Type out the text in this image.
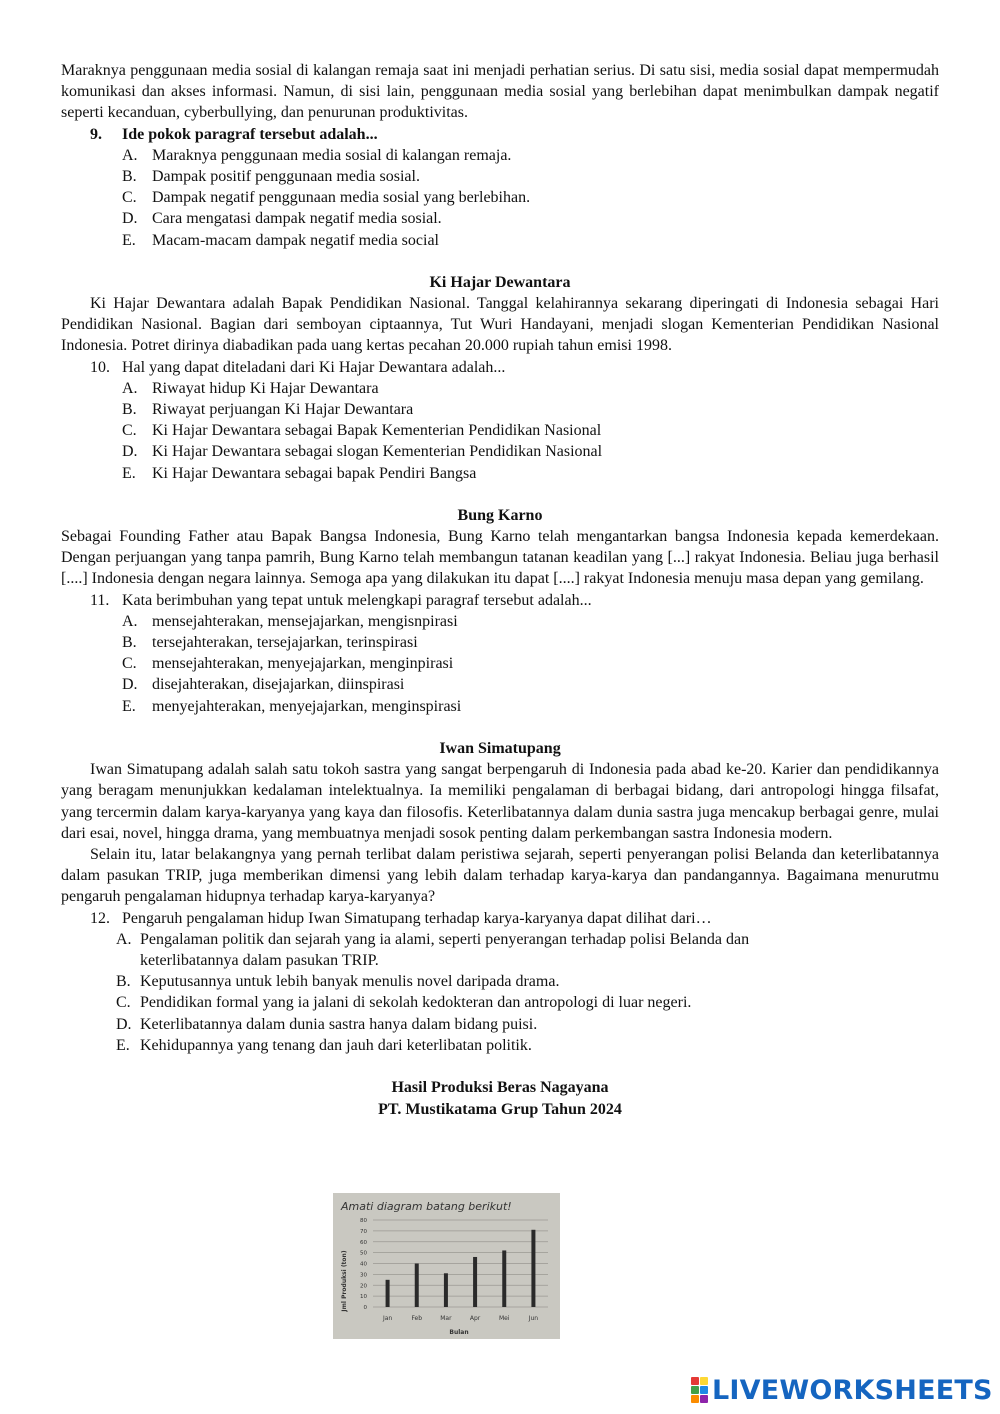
Maraknya penggunaan media sosial di kalangan remaja saat ini menjadi perhatian serius. Di satu sisi, media sosial dapat mempermudah komunikasi dan akses informasi. Namun, di sisi lain, penggunaan media sosial yang berlebihan dapat menimbulkan dampak negatif seperti kecanduan, cyberbullying, dan penurunan produktivitas.

9.	Ide pokok paragraf tersebut adalah...
A. Maraknya penggunaan media sosial di kalangan remaja.
B. Dampak positif penggunaan media sosial.
C. Dampak negatif penggunaan media sosial yang berlebihan.
D. Cara mengatasi dampak negatif media sosial.
E.	Macam-macam dampak negatif media social
Ki Hajar Dewantara

Ki Hajar Dewantara adalah Bapak Pendidikan Nasional. Tanggal kelahirannya sekarang diperingati di Indonesia sebagai Hari Pendidikan Nasional. Bagian dari semboyan ciptaannya, Tut Wuri Handayani, menjadi slogan Kementerian Pendidikan Nasional Indonesia. Potret dirinya diabadikan pada uang kertas pecahan 20.000 rupiah tahun emisi 1998.

10. Hal yang dapat diteladani dari Ki Hajar Dewantara adalah...
A. Riwayat hidup Ki Hajar Dewantara
B. Riwayat perjuangan Ki Hajar Dewantara
C. Ki Hajar Dewantara sebagai Bapak Kementerian Pendidikan Nasional
D. Ki Hajar Dewantara sebagai slogan Kementerian Pendidikan Nasional
E.	Ki Hajar Dewantara sebagai bapak Pendiri Bangsa
Bung Karno

Sebagai Founding Father atau Bapak Bangsa Indonesia, Bung Karno telah mengantarkan bangsa Indonesia kepada kemerdekaan. Dengan perjuangan yang tanpa pamrih, Bung Karno telah membangun tatanan keadilan yang [...] rakyat Indonesia. Beliau juga berhasil [....] Indonesia dengan negara lainnya. Semoga apa yang dilakukan itu dapat [....] rakyat Indonesia menuju masa depan yang gemilang.

11. Kata berimbuhan yang tepat untuk melengkapi paragraf tersebut adalah...
A. mensejahterakan, mensejajarkan, mengisnpirasi
B. tersejahterakan, tersejajarkan, terinspirasi
C. mensejahterakan, menyejajarkan, menginpirasi
D. disejahterakan, disejajarkan, diinspirasi
E.	menyejahterakan, menyejajarkan, menginspirasi
Iwan Simatupang

Iwan Simatupang adalah salah satu tokoh sastra yang sangat berpengaruh di Indonesia pada abad ke-20. Karier dan pendidikannya yang beragam menunjukkan kedalaman intelektualnya. Ia memiliki pengalaman di berbagai bidang, dari antropologi hingga filsafat, yang tercermin dalam karya-karyanya yang kaya dan filosofis. Keterlibatannya dalam dunia sastra juga mencakup berbagai genre, mulai dari esai, novel, hingga drama, yang membuatnya menjadi sosok penting dalam perkembangan sastra Indonesia modern.

Selain itu, latar belakangnya yang pernah terlibat dalam peristiwa sejarah, seperti penyerangan polisi Belanda dan keterlibatannya dalam pasukan TRIP, juga memberikan dimensi yang lebih dalam terhadap karya-karya dan pandangannya. Bagaimana menurutmu pengaruh pengalaman hidupnya terhadap karya-karyanya?

12. Pengaruh pengalaman hidup Iwan Simatupang terhadap karya-karyanya dapat dilihat dari…
A. Pengalaman politik dan sejarah yang ia alami, seperti penyerangan terhadap polisi Belanda dan keterlibatannya dalam pasukan TRIP.
B. Keputusannya untuk lebih banyak menulis novel daripada drama.
C. Pendidikan formal yang ia jalani di sekolah kedokteran dan antropologi di luar negeri.
D. Keterlibatannya dalam dunia sastra hanya dalam bidang puisi.
E. Kehidupannya yang tenang dan jauh dari keterlibatan politik.
Hasil Produksi Beras Nagayana
PT. Mustikatama Grup Tahun 2024
Amati diagram batang berikut!
0
10
20
30
40
50
60
70
80
Jan	Feb	Mar	Apr	Mei	Jun
Jml Produksi (ton)
Bulan
LIVEWORKSHEETS
